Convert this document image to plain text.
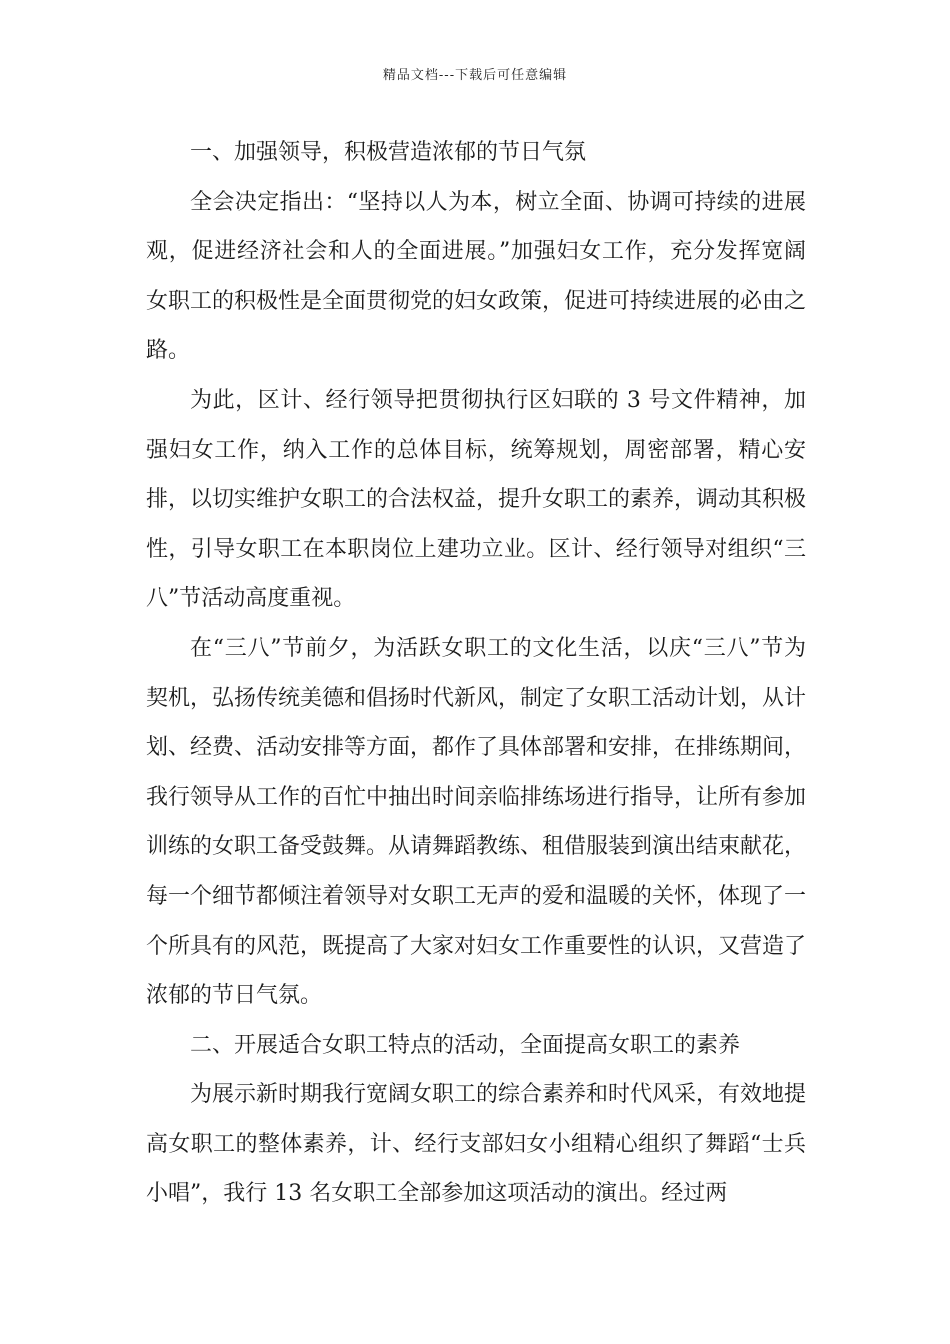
精品文档---下载后可任意编辑

一、加强领导，积极营造浓郁的节日气氛

全会决定指出：“坚持以人为本，树立全面、协调可持续的进展观，促进经济社会和人的全面进展。”加强妇女工作，充分发挥宽阔女职工的积极性是全面贯彻党的妇女政策，促进可持续进展的必由之路。

为此，区计、经行领导把贯彻执行区妇联的 3 号文件精神，加强妇女工作，纳入工作的总体目标，统筹规划，周密部署，精心安排，以切实维护女职工的合法权益，提升女职工的素养，调动其积极性，引导女职工在本职岗位上建功立业。区计、经行领导对组织“三八”节活动高度重视。

在“三八”节前夕，为活跃女职工的文化生活，以庆“三八”节为契机，弘扬传统美德和倡扬时代新风，制定了女职工活动计划，从计划、经费、活动安排等方面，都作了具体部署和安排，在排练期间，我行领导从工作的百忙中抽出时间亲临排练场进行指导，让所有参加训练的女职工备受鼓舞。从请舞蹈教练、租借服装到演出结束献花，每一个细节都倾注着领导对女职工无声的爱和温暖的关怀，体现了一个所具有的风范，既提高了大家对妇女工作重要性的认识，又营造了浓郁的节日气氛。

二、开展适合女职工特点的活动，全面提高女职工的素养

为展示新时期我行宽阔女职工的综合素养和时代风采，有效地提高女职工的整体素养，计、经行支部妇女小组精心组织了舞蹈“士兵小唱”，我行 13 名女职工全部参加这项活动的演出。经过两
